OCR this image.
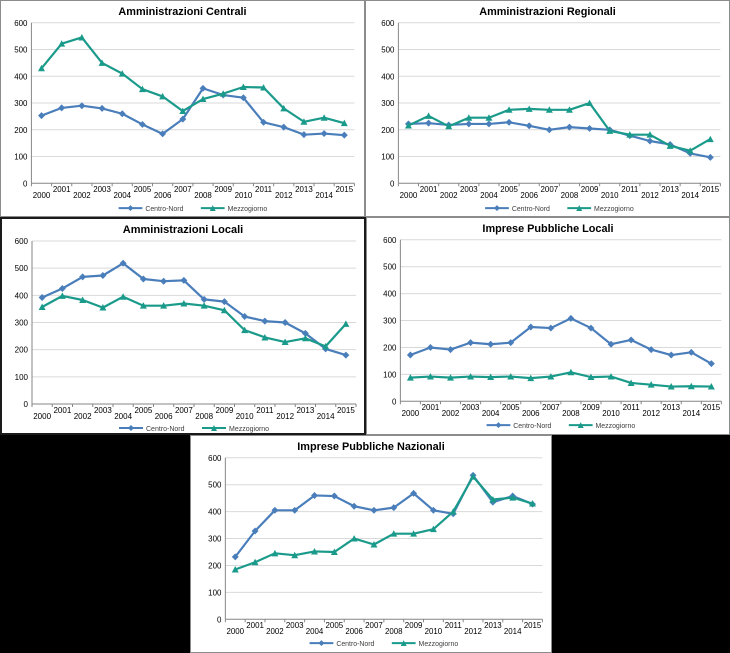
Amministrazioni Centrali
0
100
200
300
400
500
600
2000
2001
2002
2003
2004
2005
2006
2007
2008
2009
2010
2011
2012
2013
2014
2015
Centro-Nord	Mezzogiorno
Amministrazioni Regionali
0
100
200
300
400
500
600
2000
2001
2002
2003
2004
2005
2006
2007
2008
2009
2010
2011
2012
2013
2014
2015
Centro-Nord	Mezzogiorno
Amministrazioni Locali
0
100
200
300
400
500
600
2000
2001
2002
2003
2004
2005
2006
2007
2008
2009
2010
2011
2012
2013
2014
2015
Centro-Nord	Mezzogiorno
Imprese Pubbliche Locali
0
100
200
300
400
500
600
2000
2001
2002
2003
2004
2005
2006
2007
2008
2009
2010
2011
2012
2013
2014
2015
Centro-Nord	Mezzogiorno
Imprese Pubbliche Nazionali
0
100
200
300
400
500
600
2000
2001
2002
2003
2004
2005
2006
2007
2008
2009
2010
2011
2012
2013
2014
2015
Centro-Nord	Mezzogiorno
